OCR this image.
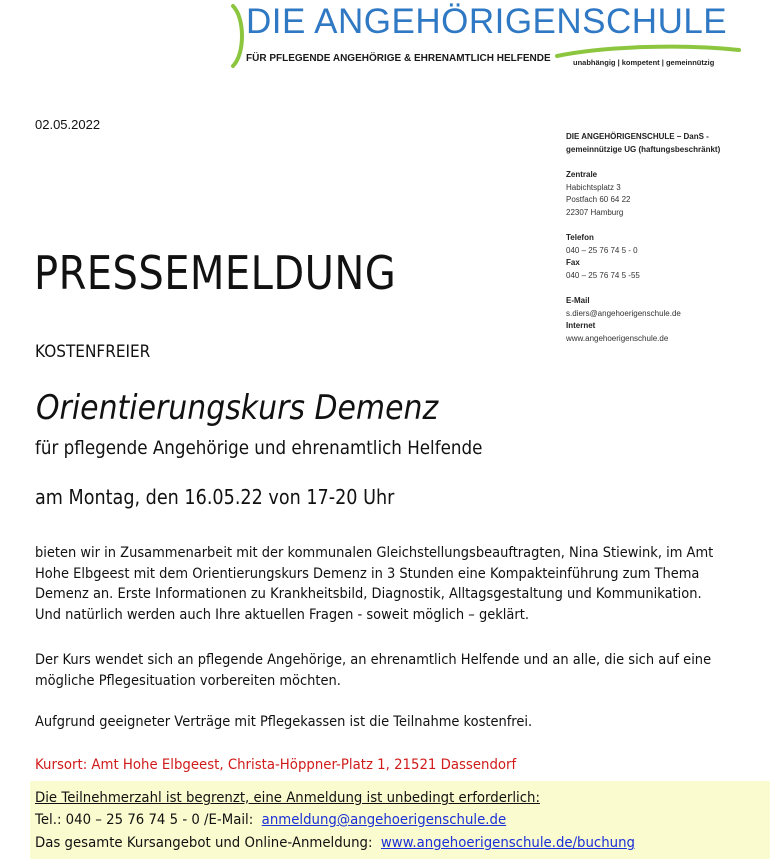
DIE ANGEHÖRIGENSCHULE
FÜR PFLEGENDE ANGEHÖRIGE & EHRENAMTLICH HELFENDE	unabhängig | kompetent | gemeinnützig
02.05.2022
DIE ANGEHÖRIGENSCHULE – DanS -
gemeinnützige UG (haftungsbeschränkt)
Zentrale
Habichtsplatz 3
Postfach 60 64 22
22307 Hamburg
Telefon
040 – 25 76 74 5 - 0
Fax
040 – 25 76 74 5 -55
E-Mail
s.diers@angehoerigenschule.de
Internet
www.angehoerigenschule.de
PRESSEMELDUNG
KOSTENFREIER
Orientierungskurs Demenz
für pflegende Angehörige und ehrenamtlich Helfende
am Montag, den 16.05.22 von 17-20 Uhr
bieten wir in Zusammenarbeit mit der kommunalen Gleichstellungsbeauftragten, Nina Stiewink, im Amt
Hohe Elbgeest mit dem Orientierungskurs Demenz in 3 Stunden eine Kompakteinführung zum Thema
Demenz an. Erste Informationen zu Krankheitsbild, Diagnostik, Alltagsgestaltung und Kommunikation.
Und natürlich werden auch Ihre aktuellen Fragen - soweit möglich – geklärt.
Der Kurs wendet sich an pflegende Angehörige, an ehrenamtlich Helfende und an alle, die sich auf eine
mögliche Pflegesituation vorbereiten möchten.
Aufgrund geeigneter Verträge mit Pflegekassen ist die Teilnahme kostenfrei.
Kursort: Amt Hohe Elbgeest, Christa-Höppner-Platz 1, 21521 Dassendorf
Die Teilnehmerzahl ist begrenzt, eine Anmeldung ist unbedingt erforderlich:
Tel.: 040 – 25 76 74 5 - 0 /E-Mail: anmeldung@angehoerigenschule.de
Das gesamte Kursangebot und Online-Anmeldung: www.angehoerigenschule.de/buchung
